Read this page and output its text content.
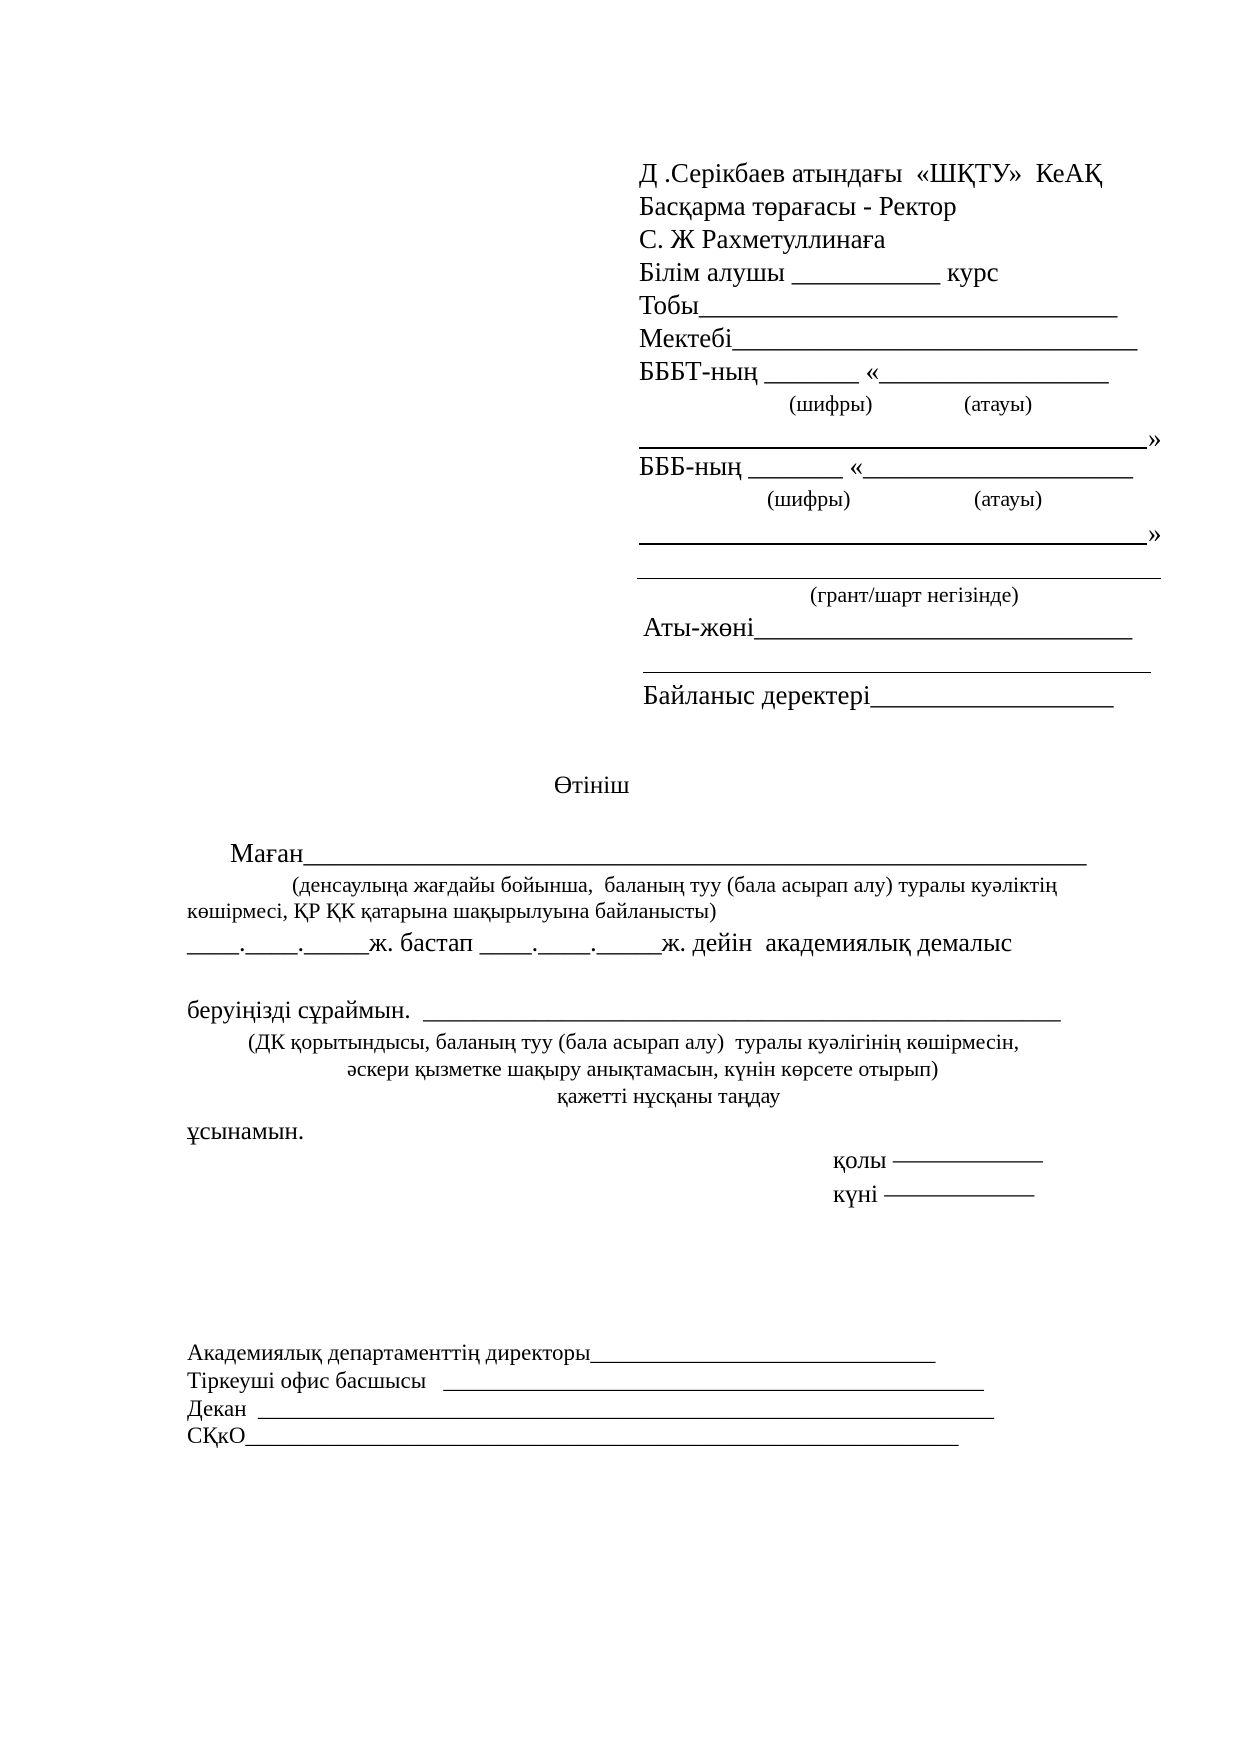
Д .Серікбаев атындағы  «ШҚТУ»  КеАҚ
Басқарма төрағасы - Ректор
С. Ж Рахметуллинаға
Білім алушы ___________ курс
Тобы_______________________________
Мектебі______________________________
БББТ-ның _______ «_________________
(шифры)	(атауы)
»
БББ-ның _______ «____________________
(шифры)	(атауы)
»
(грант/шарт негізінде)
Аты-жөні____________________________
Байланыс деректері__________________
Өтініш
Маған__________________________________________________________
(денсаулыңа жағдайы бойынша,  баланың туу (бала асырап алу) туралы куәліктің
көшірмесі, ҚР ҚК қатарына шақырылуына байланысты)
____.____._____ж. бастап ____.____._____ж. дейін  академиялық демалыс
беруіңізді сұраймын.  ___________________________________________________
(ДК қорытындысы, баланың туу (бала асырап алу)  туралы куәлігінің көшірмесін,
әскери қызметке шақыру анықтамасын, күнін көрсете отырып)
қажетті нұсқаны таңдау
ұсынамын.
қолы ——————
күні ——————
Академиялық департаменттің директоры______________________________
Тіркеуші офис басшысы   _______________________________________________
Декан  ________________________________________________________________
СҚкО______________________________________________________________
